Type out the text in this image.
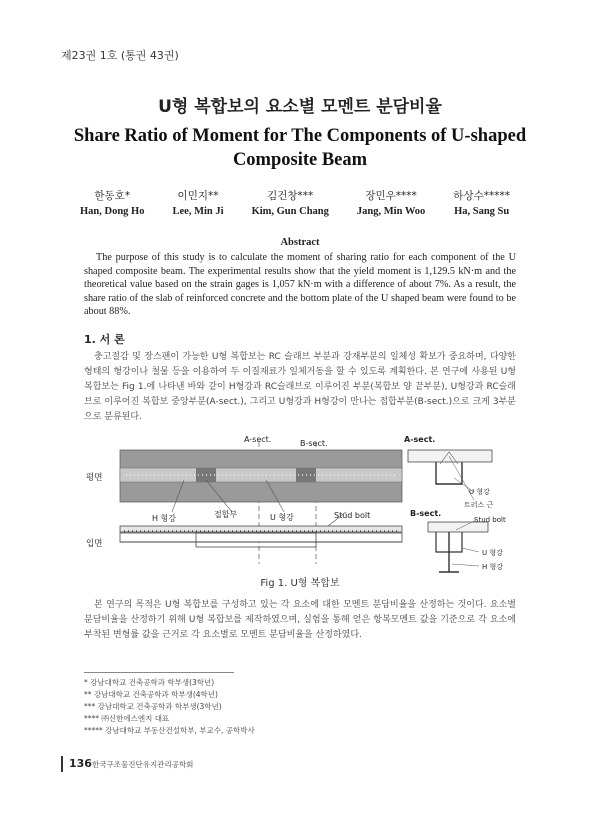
제23권 1호 (통권 43권)
U형 복합보의 요소별 모멘트 분담비율
Share Ratio of Moment for The Components of U-shaped Composite Beam
한동호*
Han, Dong Ho
이민지**
Lee, Min Ji
김건창***
Kim, Gun Chang
장민우****
Jang, Min Woo
하상수*****
Ha, Sang Su
Abstract
The purpose of this study is to calculate the moment of sharing ratio for each component of the U shaped composite beam. The experimental results show that the yield moment is 1,129.5 kN·m and the theoretical value based on the strain gages is 1,057 kN·m with a difference of about 7%. As a result, the share ratio of the slab of reinforced concrete and the bottom plate of the U shaped beam were found to be about 88%.
1. 서 론
충고절감 및 장스팬이 가능한 U형 복합보는 RC 슬래브 부분과 강재부분의 일체성 확보가 중요하며, 다양한 형태의 형강이나 철물 등을 이용하여 두 이질재료가 일체거동을 할 수 있도록 계획한다. 본 연구에 사용된 U형 복합보는 Fig 1.에 나타낸 바와 같이 H형강과 RC슬래브로 이루어진 부분(복합보 양 끝부분), U형강과 RC슬래브로 이루어진 복합보 중앙부분(A-sect.), 그리고 U형강과 H형강이 만나는 접합부분(B-sect.)으로 크게 3부분으로 분류된다.
A-sect.	B-sect.
평면
H 형강	접합부	U 형강	Stud bolt
입면
A-sect.
U 형강
트러스 근
B-sect.
Stud bolt
U 형강
H 형강
Fig 1. U형 복합보
본 연구의 목적은 U형 복합보를 구성하고 있는 각 요소에 대한 모멘트 분담비율을 산정하는 것이다. 요소별 분담비율을 산정하기 위해 U형 복합보를 제작하였으며, 실험을 통해 얻은 항복모멘트 값을 기준으로 각 요소에 부착된 변형률 값을 근거로 각 요소별로 모멘트 분담비율을 산정하였다.
* 강남대학교 건축공학과 학부생(3학년)
** 강남대학교 건축공학과 학부생(4학년)
*** 강남대학교 건축공학과 학부생(3학년)
**** ㈜신한에스엔지 대표
***** 강남대학교 부동산건설학부, 부교수, 공학박사
136 한국구조물진단유지관리공학회
